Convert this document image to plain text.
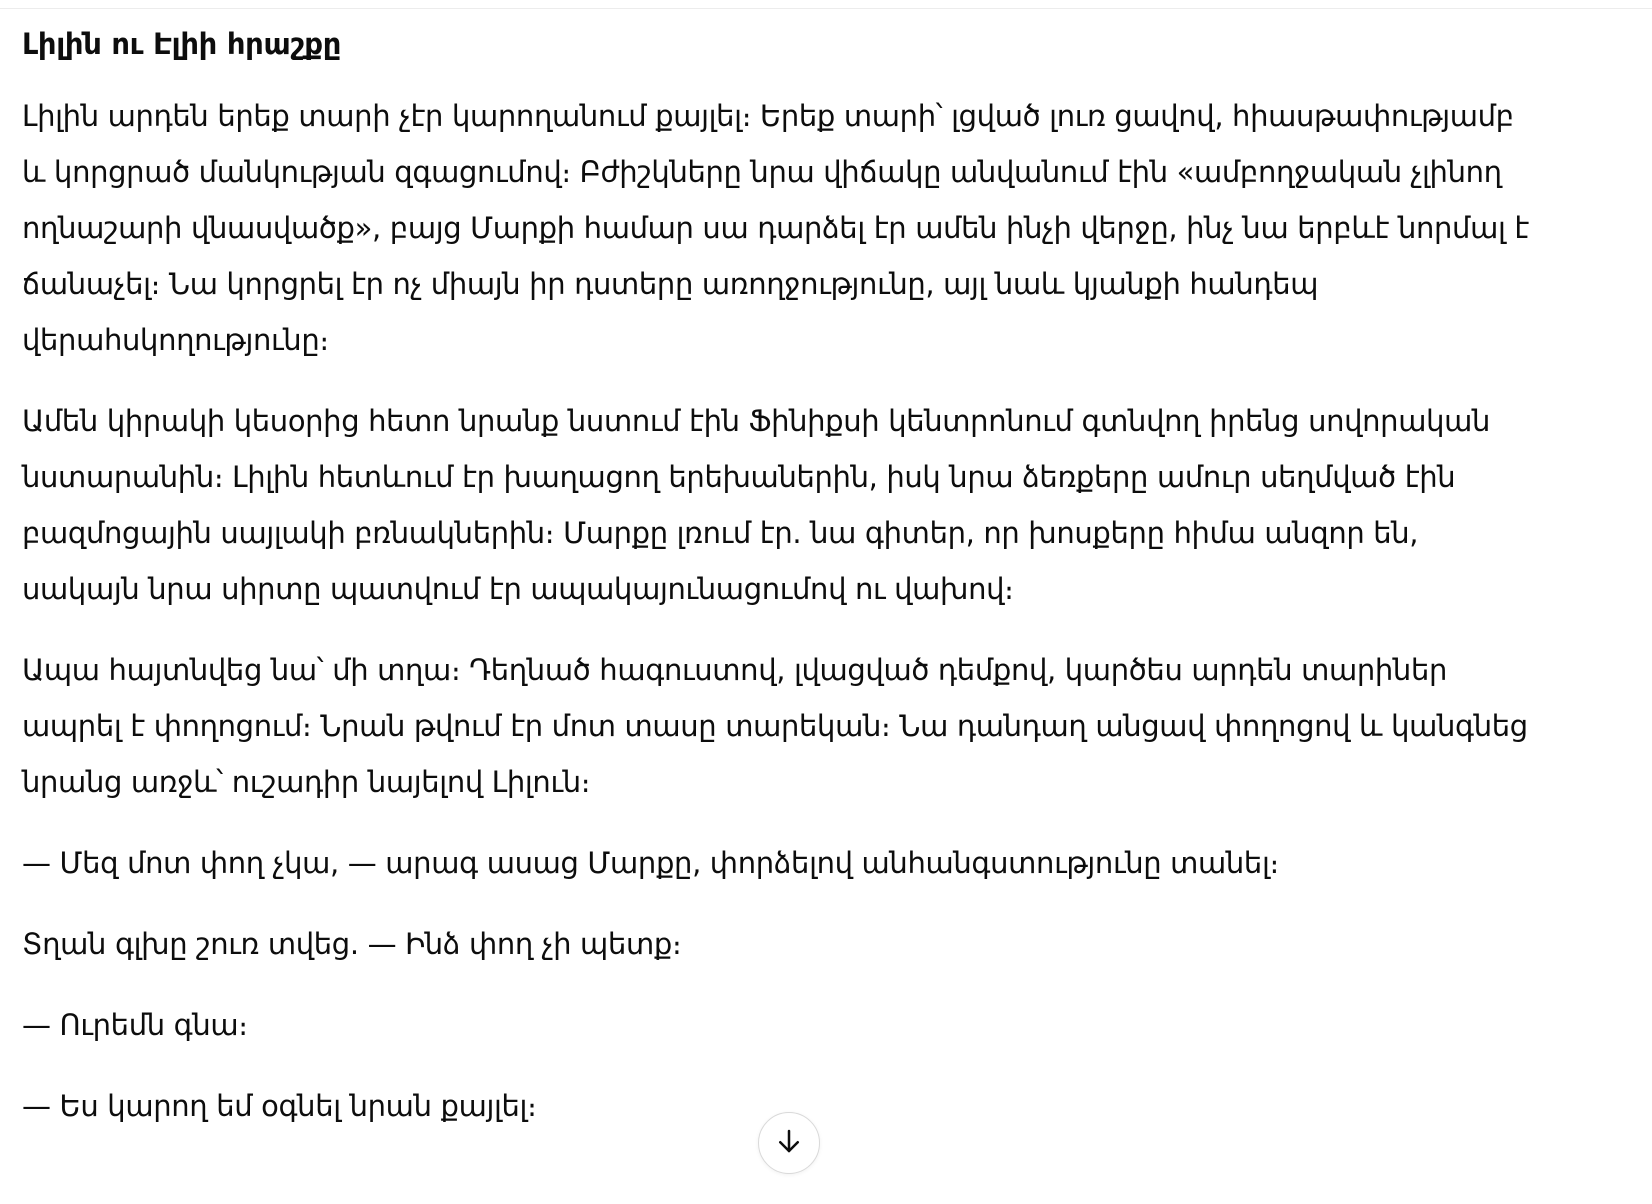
Լիլին ու Էլիի հրաշքը

Լիլին արդեն երեք տարի չէր կարողանում քայլել։ Երեք տարի՝ լցված լուռ ցավով, հիասթափությամբ և կորցրած մանկության զգացումով։ Բժիշկները նրա վիճակը անվանում էին «ամբողջական չլինող ողնաշարի վնասվածք», բայց Մարքի համար սա դարձել էր ամեն ինչի վերջը, ինչ նա երբևէ նորմալ է ճանաչել։ Նա կորցրել էր ոչ միայն իր դստերը առողջությունը, այլ նաև կյանքի հանդեպ վերահսկողությունը։

Ամեն կիրակի կեսօրից հետո նրանք նստում էին Ֆինիքսի կենտրոնում գտնվող իրենց սովորական նստարանին։ Լիլին հետևում էր խաղացող երեխաներին, իսկ նրա ձեռքերը ամուր սեղմված էին բազմոցային սայլակի բռնակներին։ Մարքը լռում էր. նա գիտեր, որ խոսքերը հիմա անզոր են, սակայն նրա սիրտը պատվում էր ապակայունացումով ու վախով։

Ապա հայտնվեց նա՝ մի տղա։ Դեղնած հագուստով, լվացված դեմքով, կարծես արդեն տարիներ ապրել է փողոցում։ Նրան թվում էր մոտ տասը տարեկան։ Նա դանդաղ անցավ փողոցով և կանգնեց նրանց առջև՝ ուշադիր նայելով Լիլուն։

— Մեզ մոտ փող չկա, — արագ ասաց Մարքը, փորձելով անհանգստությունը տանել։

Տղան գլխը շուռ տվեց. — Ինձ փող չի պետք։

— Ուրեմն գնա։

— Ես կարող եմ օգնել նրան քայլել։
